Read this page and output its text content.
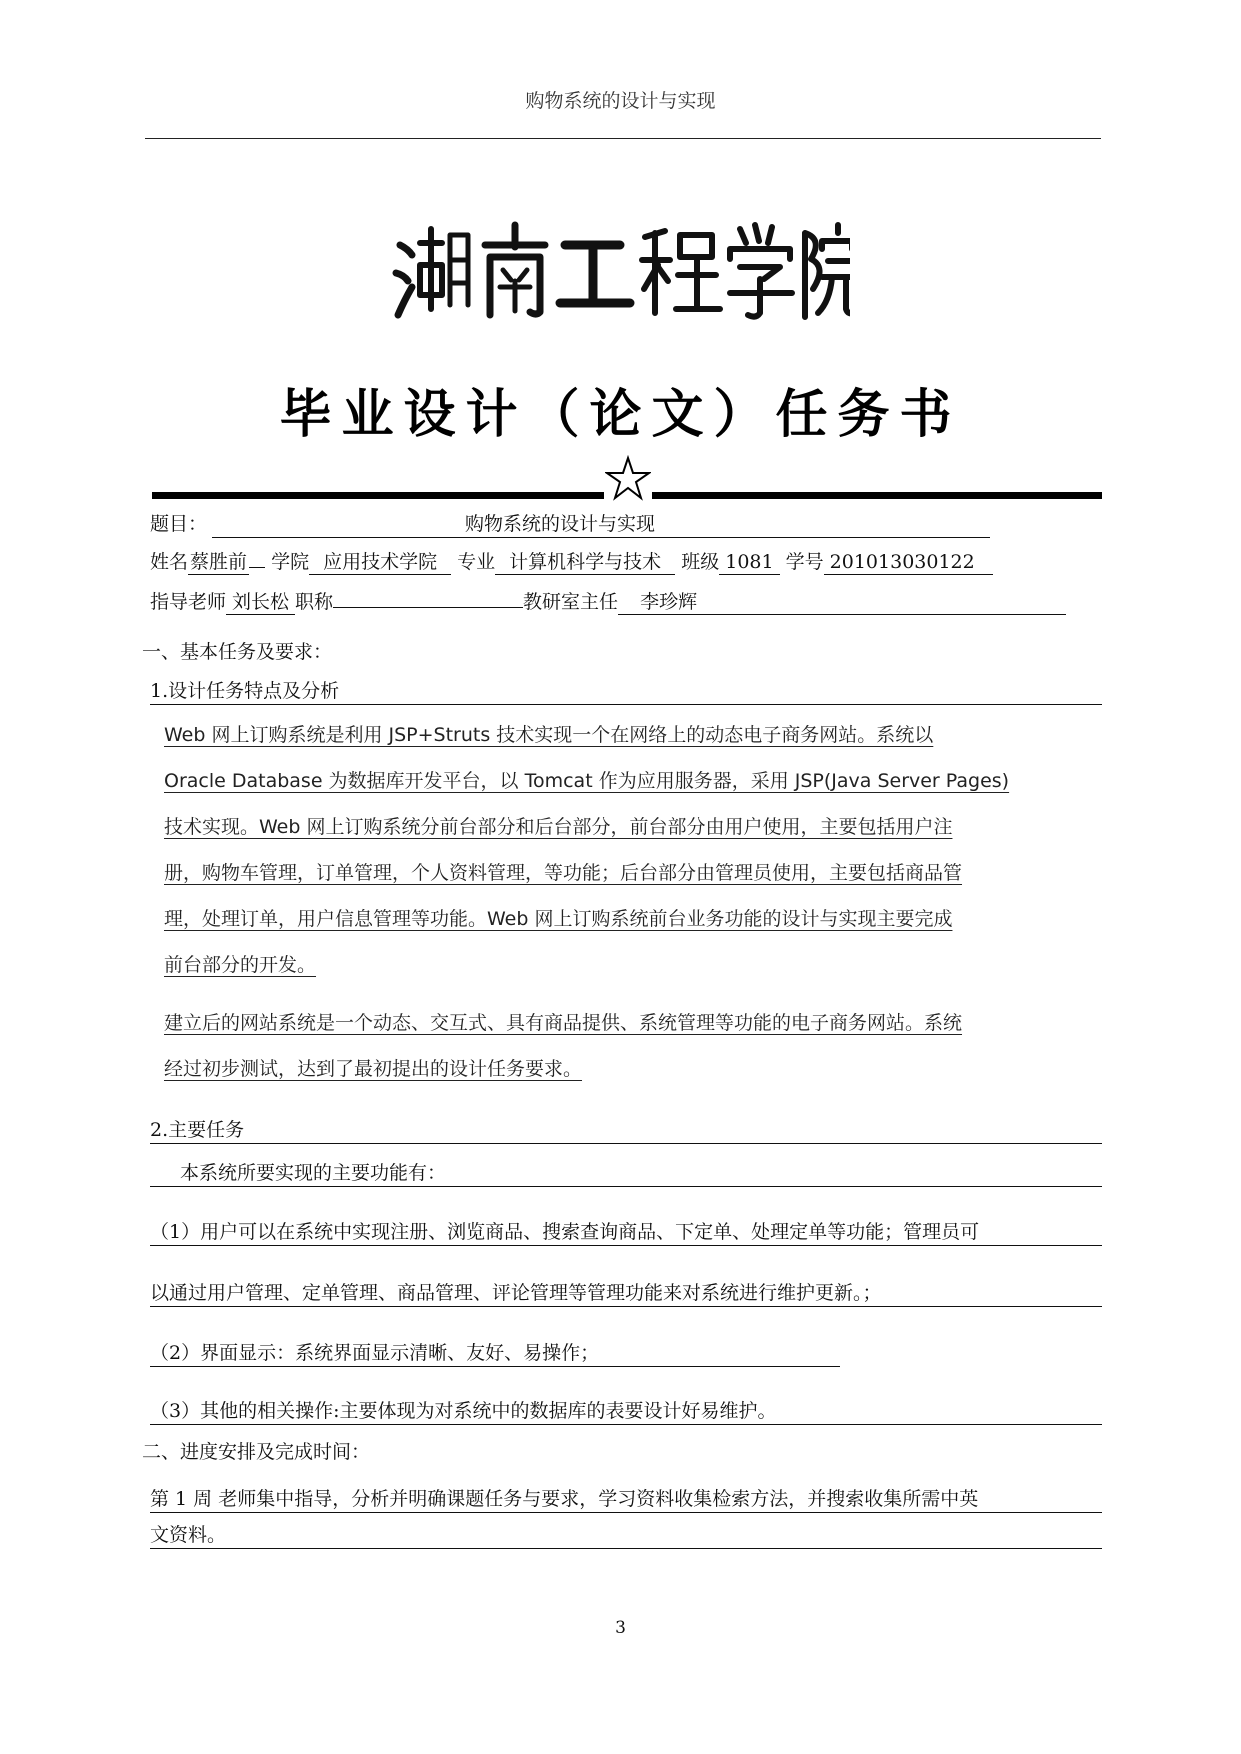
购物系统的设计与实现
毕业设计（论文）任务书
题目：	购物系统的设计与实现
姓名 蔡胜前 学院 应用技术学院 专业 计算机科学与技术 班级 1081 学号 201013030122
指导老师 刘长松 职称	教研室主任 李珍辉
一、基本任务及要求：
1.设计任务特点及分析
Web 网上订购系统是利用 JSP+Struts 技术实现一个在网络上的动态电子商务网站。系统以
Oracle Database 为数据库开发平台，以 Tomcat 作为应用服务器，采用 JSP(Java Server Pages)
技术实现。Web 网上订购系统分前台部分和后台部分，前台部分由用户使用，主要包括用户注
册，购物车管理，订单管理，个人资料管理，等功能；后台部分由管理员使用，主要包括商品管
理，处理订单，用户信息管理等功能。Web 网上订购系统前台业务功能的设计与实现主要完成
前台部分的开发。
建立后的网站系统是一个动态、交互式、具有商品提供、系统管理等功能的电子商务网站。系统
经过初步测试，达到了最初提出的设计任务要求。
2.主要任务
本系统所要实现的主要功能有：
（1）用户可以在系统中实现注册、浏览商品、搜索查询商品、下定单、处理定单等功能；管理员可
以通过用户管理、定单管理、商品管理、评论管理等管理功能来对系统进行维护更新。；
（2）界面显示：系统界面显示清晰、友好、易操作；
（3）其他的相关操作:主要体现为对系统中的数据库的表要设计好易维护。
二、进度安排及完成时间：
第 1 周 老师集中指导，分析并明确课题任务与要求，学习资料收集检索方法，并搜索收集所需中英
文资料。
3
